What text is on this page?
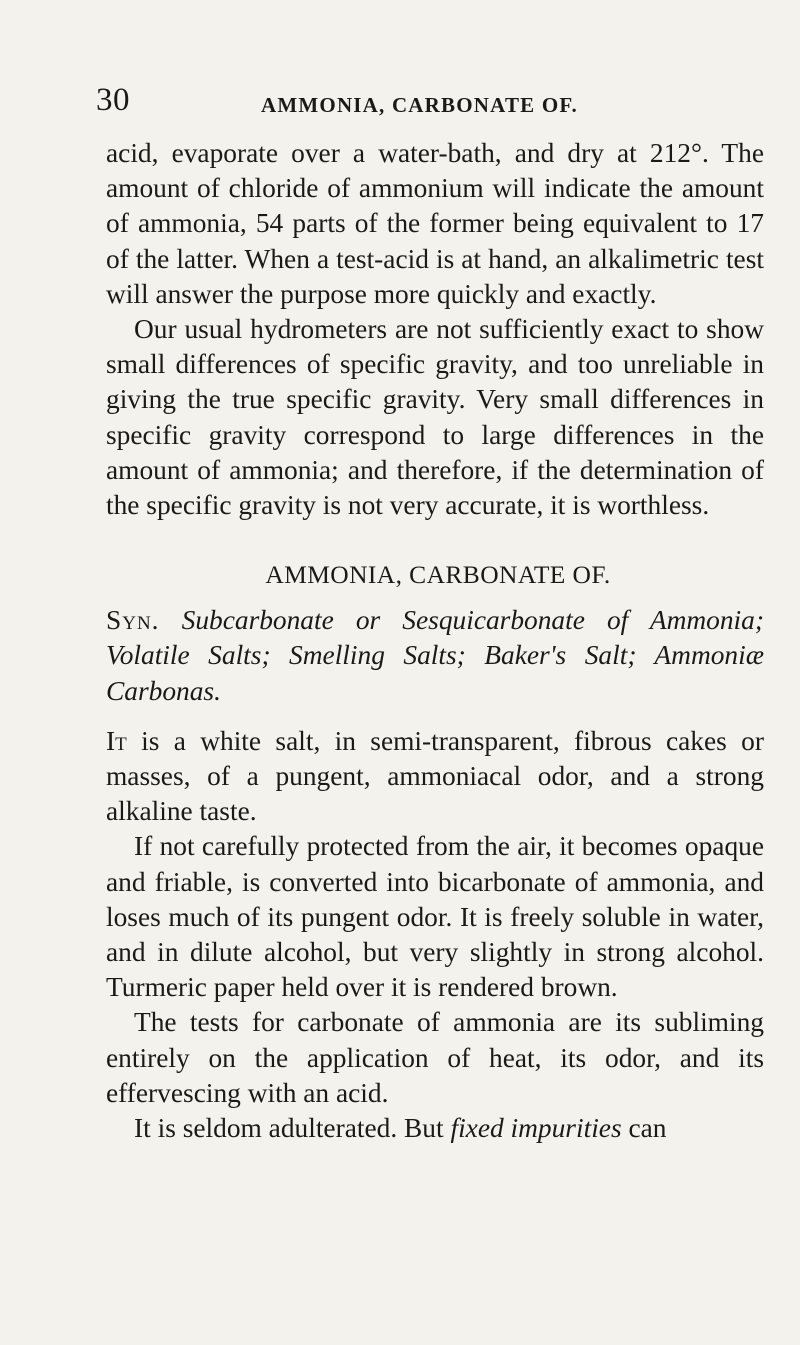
30	AMMONIA, CARBONATE OF.

acid, evaporate over a water-bath, and dry at 212°. The amount of chloride of ammonium will indicate the amount of ammonia, 54 parts of the former being equivalent to 17 of the latter. When a test-acid is at hand, an alkalimetric test will answer the purpose more quickly and exactly.

Our usual hydrometers are not sufficiently exact to show small differences of specific gravity, and too unreliable in giving the true specific gravity. Very small differences in specific gravity correspond to large differences in the amount of ammonia; and therefore, if the determination of the specific gravity is not very accurate, it is worthless.

AMMONIA, CARBONATE OF.

Syn. Subcarbonate or Sesquicarbonate of Ammonia; Volatile Salts; Smelling Salts; Baker's Salt; Ammoniæ Carbonas.

It is a white salt, in semi-transparent, fibrous cakes or masses, of a pungent, ammoniacal odor, and a strong alkaline taste.

If not carefully protected from the air, it becomes opaque and friable, is converted into bicarbonate of ammonia, and loses much of its pungent odor. It is freely soluble in water, and in dilute alcohol, but very slightly in strong alcohol. Turmeric paper held over it is rendered brown.

The tests for carbonate of ammonia are its subliming entirely on the application of heat, its odor, and its effervescing with an acid.

It is seldom adulterated. But fixed impurities can
